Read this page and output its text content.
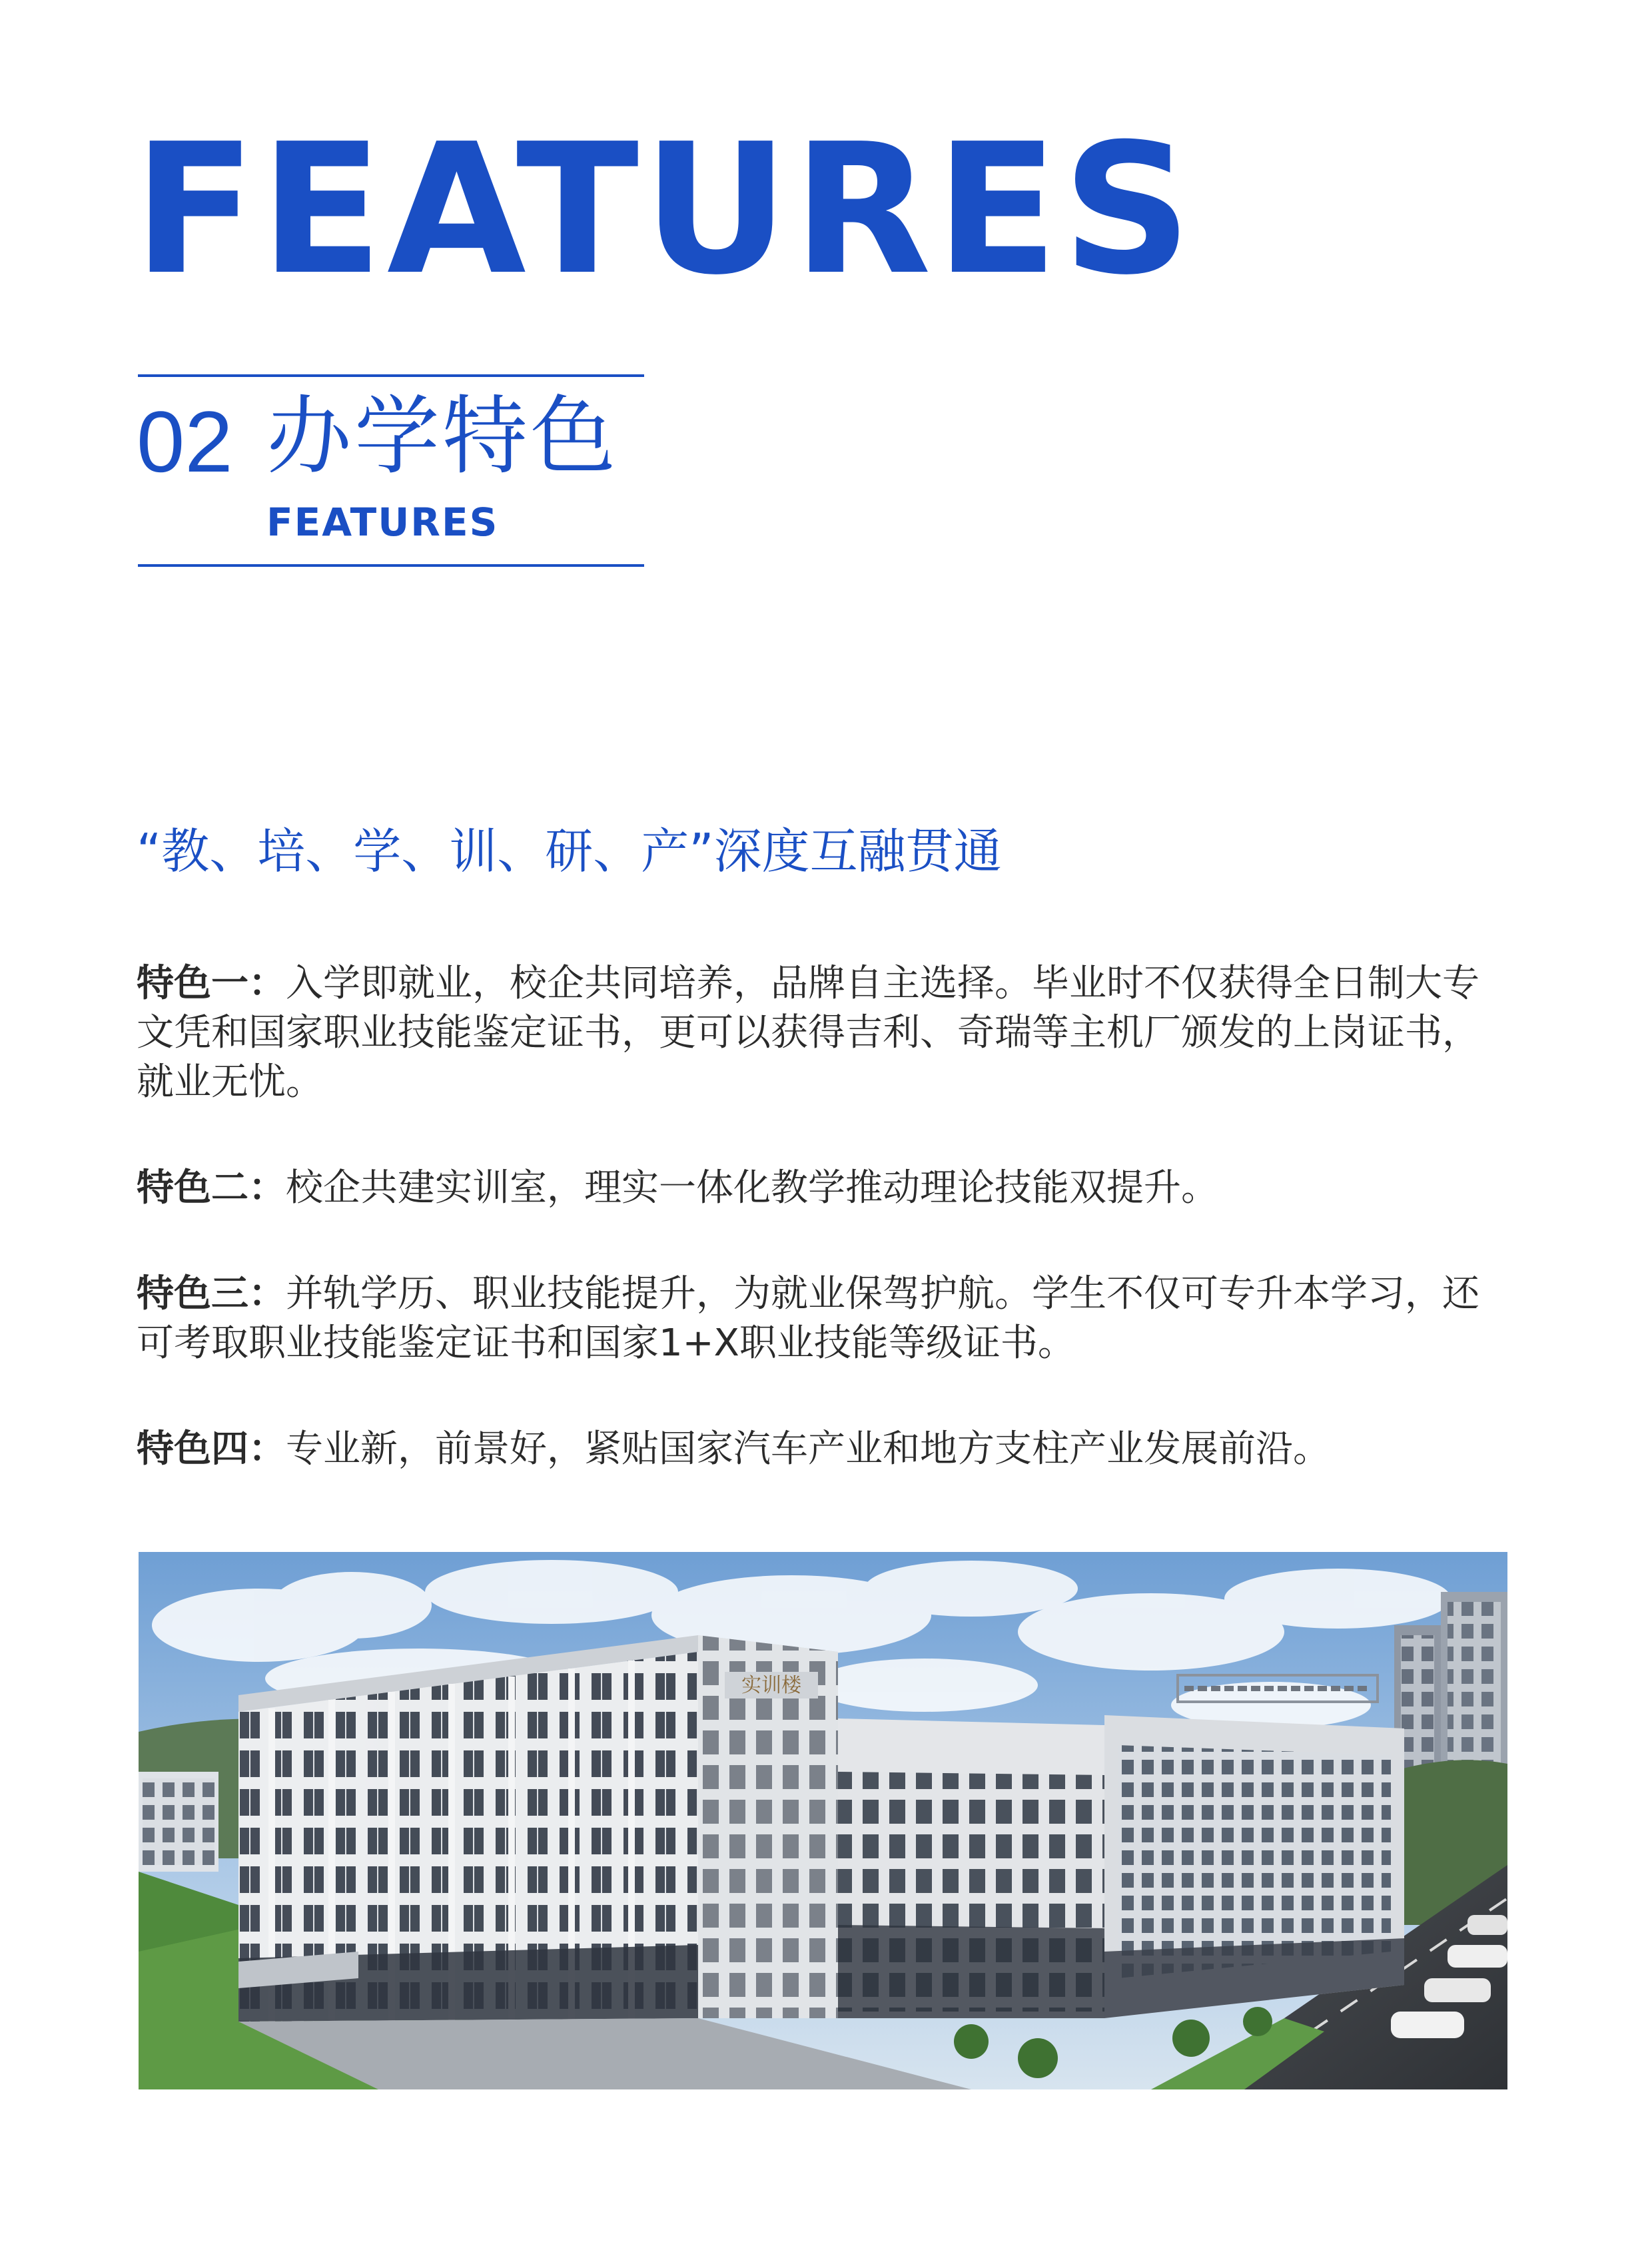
FEATURES
02 办学特色
FEATURES
“教、培、学、训、研、产”深度互融贯通

特色一：入学即就业，校企共同培养，品牌自主选择。毕业时不仅获得全日制大专文凭和国家职业技能鉴定证书，更可以获得吉利、奇瑞等主机厂颁发的上岗证书，就业无忧。

特色二：校企共建实训室，理实一体化教学推动理论技能双提升。

特色三：并轨学历、职业技能提升，为就业保驾护航。学生不仅可专升本学习，还可考取职业技能鉴定证书和国家1+X职业技能等级证书。

特色四：专业新，前景好，紧贴国家汽车产业和地方支柱产业发展前沿。

实训楼
